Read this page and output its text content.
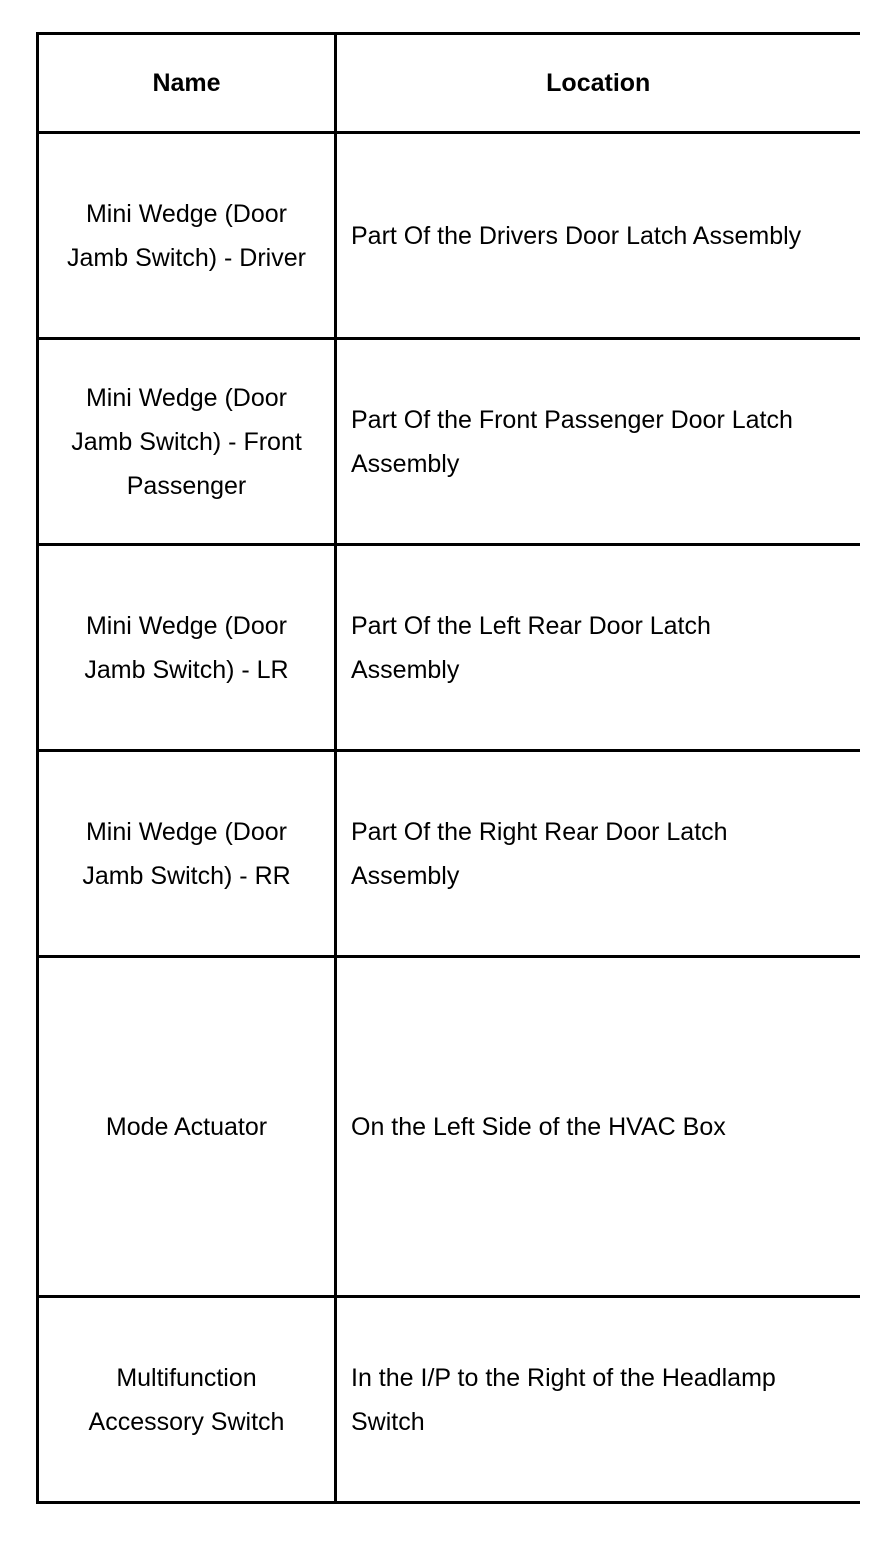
Name	Location
Mini Wedge (Door Jamb Switch) - Driver	Part Of the Drivers Door Latch Assembly
Mini Wedge (Door Jamb Switch) - Front Passenger	Part Of the Front Passenger Door Latch Assembly
Mini Wedge (Door Jamb Switch) - LR	Part Of the Left Rear Door Latch Assembly
Mini Wedge (Door Jamb Switch) - RR	Part Of the Right Rear Door Latch Assembly
Mode Actuator	On the Left Side of the HVAC Box
Multifunction Accessory Switch	In the I/P to the Right of the Headlamp Switch
